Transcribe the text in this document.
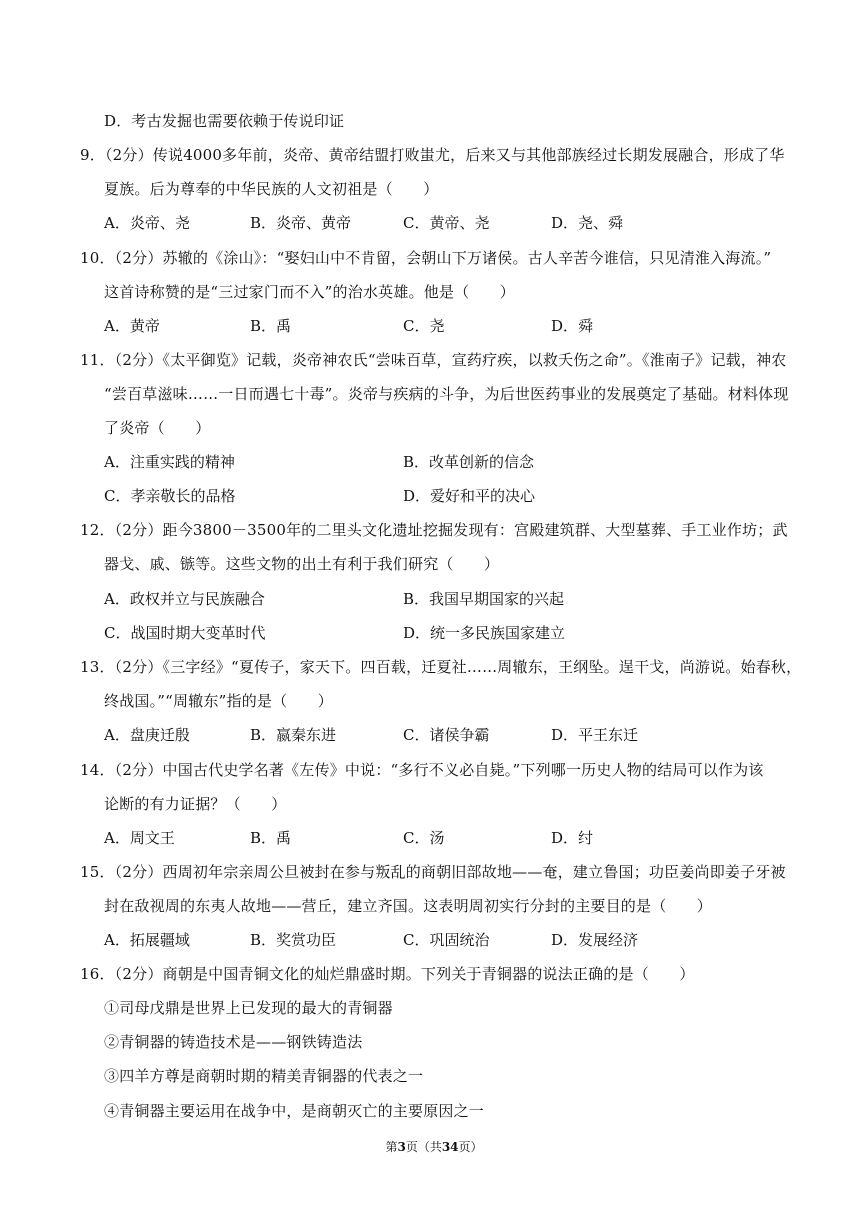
D．考古发掘也需要依赖于传说印证
9．（2分）传说4000多年前，炎帝、黄帝结盟打败蚩尤，后来又与其他部族经过长期发展融合，形成了华
夏族。后为尊奉的中华民族的人文初祖是（　　）
A．炎帝、尧	B．炎帝、黄帝	C．黄帝、尧	D．尧、舜
10．（2分）苏辙的《涂山》：“娶妇山中不肯留，会朝山下万诸侯。古人辛苦今谁信，只见清淮入海流。”
这首诗称赞的是“三过家门而不入”的治水英雄。他是（　　）
A．黄帝	B．禹	C．尧	D．舜
11．（2分）《太平御览》记载，炎帝神农氏“尝味百草，宣药疗疾，以救夭伤之命”。《淮南子》记载，神农
“尝百草滋味……一日而遇七十毒”。炎帝与疾病的斗争，为后世医药事业的发展奠定了基础。材料体现
了炎帝（　　）
A．注重实践的精神	B．改革创新的信念
C．孝亲敬长的品格	D．爱好和平的决心
12．（2分）距今3800－3500年的二里头文化遗址挖掘发现有：宫殿建筑群、大型墓葬、手工业作坊；武
器戈、戚、镞等。这些文物的出土有利于我们研究（　　）
A．政权并立与民族融合	B．我国早期国家的兴起
C．战国时期大变革时代	D．统一多民族国家建立
13．（2分）《三字经》“夏传子，家天下。四百载，迁夏社……周辙东，王纲坠。逞干戈，尚游说。始春秋，
终战国。”“周辙东”指的是（　　）
A．盘庚迁殷	B．嬴秦东进	C．诸侯争霸	D．平王东迁
14．（2分）中国古代史学名著《左传》中说：“多行不义必自毙。”下列哪一历史人物的结局可以作为该
论断的有力证据？（　　）
A．周文王	B．禹	C．汤	D．纣
15．（2分）西周初年宗亲周公旦被封在参与叛乱的商朝旧部故地——奄，建立鲁国；功臣姜尚即姜子牙被
封在敌视周的东夷人故地——营丘，建立齐国。这表明周初实行分封的主要目的是（　　）
A．拓展疆域	B．奖赏功臣	C．巩固统治	D．发展经济
16．（2分）商朝是中国青铜文化的灿烂鼎盛时期。下列关于青铜器的说法正确的是（　　）
①司母戊鼎是世界上已发现的最大的青铜器
②青铜器的铸造技术是——钢铁铸造法
③四羊方尊是商朝时期的精美青铜器的代表之一
④青铜器主要运用在战争中，是商朝灭亡的主要原因之一
第3页（共34页）
